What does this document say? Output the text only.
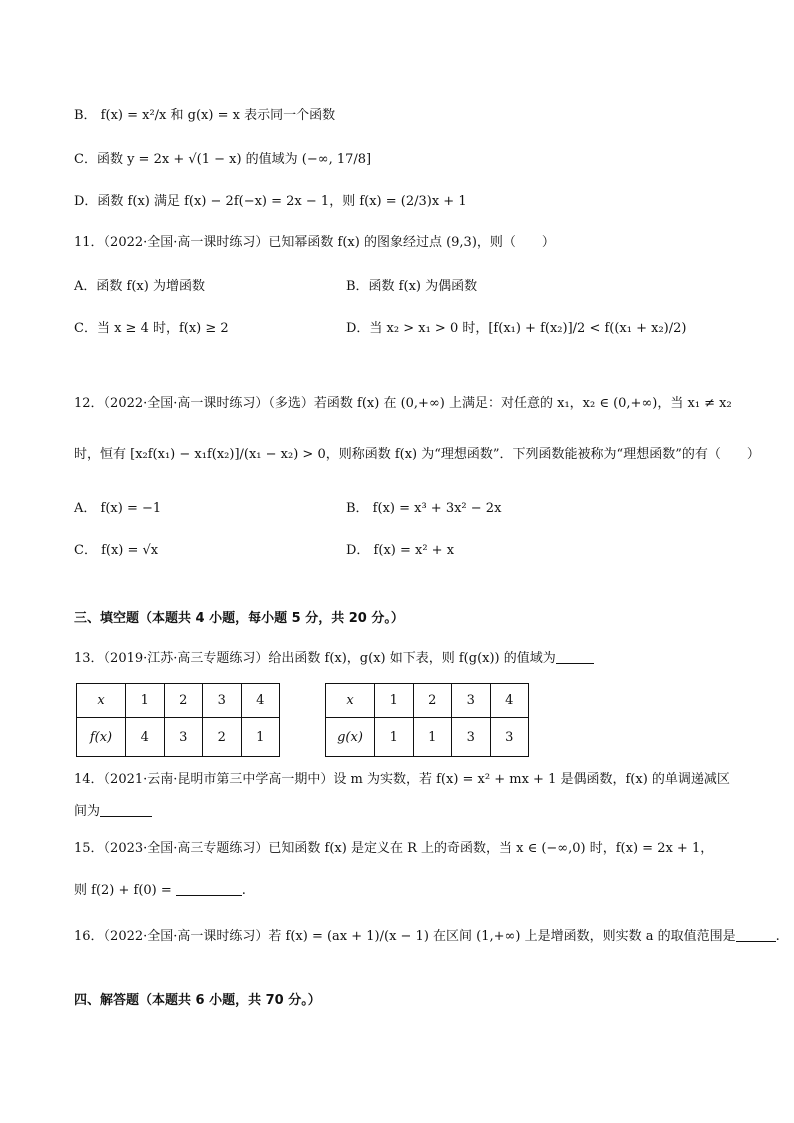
B． f(x) = x²/x 和 g(x) = x 表示同一个函数
C．函数 y = 2x + √(1 − x) 的值域为 (−∞, 17/8]
D．函数 f(x) 满足 f(x) − 2f(−x) = 2x − 1，则 f(x) = (2/3)x + 1
11．（2022·全国·高一课时练习）已知幂函数 f(x) 的图象经过点 (9,3)，则（　　）
A．函数 f(x) 为增函数	B．函数 f(x) 为偶函数
C．当 x ≥ 4 时，f(x) ≥ 2	D．当 x₂ > x₁ > 0 时，[f(x₁) + f(x₂)]/2 < f((x₁ + x₂)/2)
12．（2022·全国·高一课时练习）（多选）若函数 f(x) 在 (0,+∞) 上满足：对任意的 x₁，x₂ ∈ (0,+∞)，当 x₁ ≠ x₂
时，恒有 [x₂f(x₁) − x₁f(x₂)]/(x₁ − x₂) > 0，则称函数 f(x) 为“理想函数”．下列函数能被称为“理想函数”的有（　　）
A． f(x) = −1	B． f(x) = x³ + 3x² − 2x
C． f(x) = √x	D． f(x) = x² + x
三、填空题（本题共 4 小题，每小题 5 分，共 20 分。）
13．（2019·江苏·高三专题练习）给出函数 f(x)，g(x) 如下表，则 f(g(x)) 的值域为
x	1	2	3	4
f(x)	4	3	2	1
x	1	2	3	4
g(x)	1	1	3	3
14．（2021·云南·昆明市第三中学高一期中）设 m 为实数，若 f(x) = x² + mx + 1 是偶函数，f(x) 的单调递减区
间为
15．（2023·全国·高三专题练习）已知函数 f(x) 是定义在 R 上的奇函数，当 x ∈ (−∞,0) 时，f(x) = 2x + 1，
则 f(2) + f(0) =	.
16．（2022·全国·高一课时练习）若 f(x) = (ax + 1)/(x − 1) 在区间 (1,+∞) 上是增函数，则实数 a 的取值范围是	.
四、解答题（本题共 6 小题，共 70 分。）
